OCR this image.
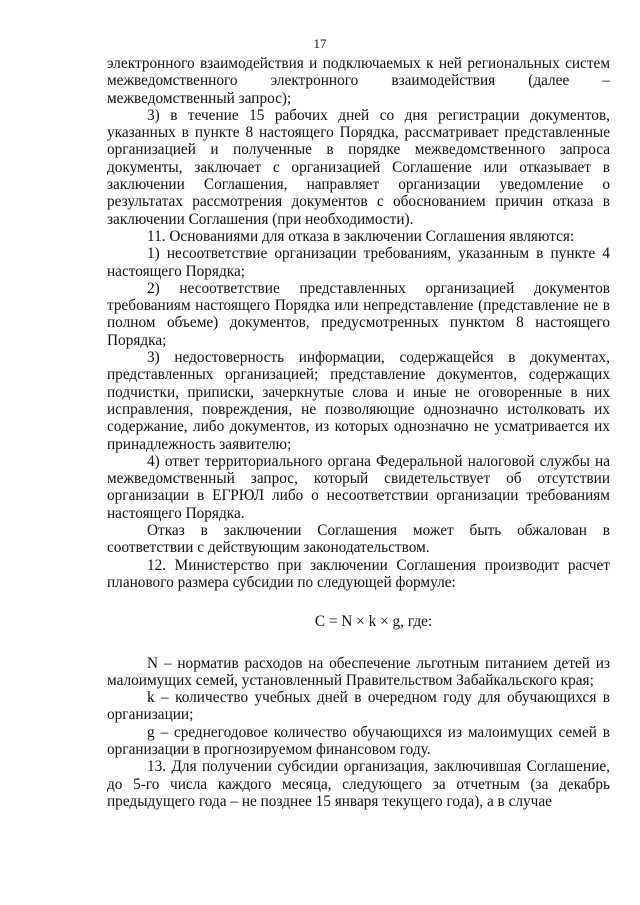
17

электронного взаимодействия и подключаемых к ней региональных систем межведомственного электронного взаимодействия (далее – межведомственный запрос);

3) в течение 15 рабочих дней со дня регистрации документов, указанных в пункте 8 настоящего Порядка, рассматривает представленные организацией и полученные в порядке межведомственного запроса документы, заключает с организацией Соглашение или отказывает в заключении Соглашения, направляет организации уведомление о результатах рассмотрения документов с обоснованием причин отказа в заключении Соглашения (при необходимости).

11. Основаниями для отказа в заключении Соглашения являются:

1) несоответствие организации требованиям, указанным в пункте 4 настоящего Порядка;

2) несоответствие представленных организацией документов требованиям настоящего Порядка или непредставление (представление не в полном объеме) документов, предусмотренных пунктом 8 настоящего Порядка;

3) недостоверность информации, содержащейся в документах, представленных организацией; представление документов, содержащих подчистки, приписки, зачеркнутые слова и иные не оговоренные в них исправления, повреждения, не позволяющие однозначно истолковать их содержание, либо документов, из которых однозначно не усматривается их принадлежность заявителю;

4) ответ территориального органа Федеральной налоговой службы на межведомственный запрос, который свидетельствует об отсутствии организации в ЕГРЮЛ либо о несоответствии организации требованиям настоящего Порядка.

Отказ в заключении Соглашения может быть обжалован в соответствии с действующим законодательством.

12. Министерство при заключении Соглашения производит расчет планового размера субсидии по следующей формуле:

C = N × k × g, где:

N – норматив расходов на обеспечение льготным питанием детей из малоимущих семей, установленный Правительством Забайкальского края;

k – количество учебных дней в очередном году для обучающихся в организации;

g – среднегодовое количество обучающихся из малоимущих семей в организации в прогнозируемом финансовом году.

13. Для получении субсидии организация, заключившая Соглашение, до 5-го числа каждого месяца, следующего за отчетным (за декабрь предыдущего года – не позднее 15 января текущего года), а в случае
